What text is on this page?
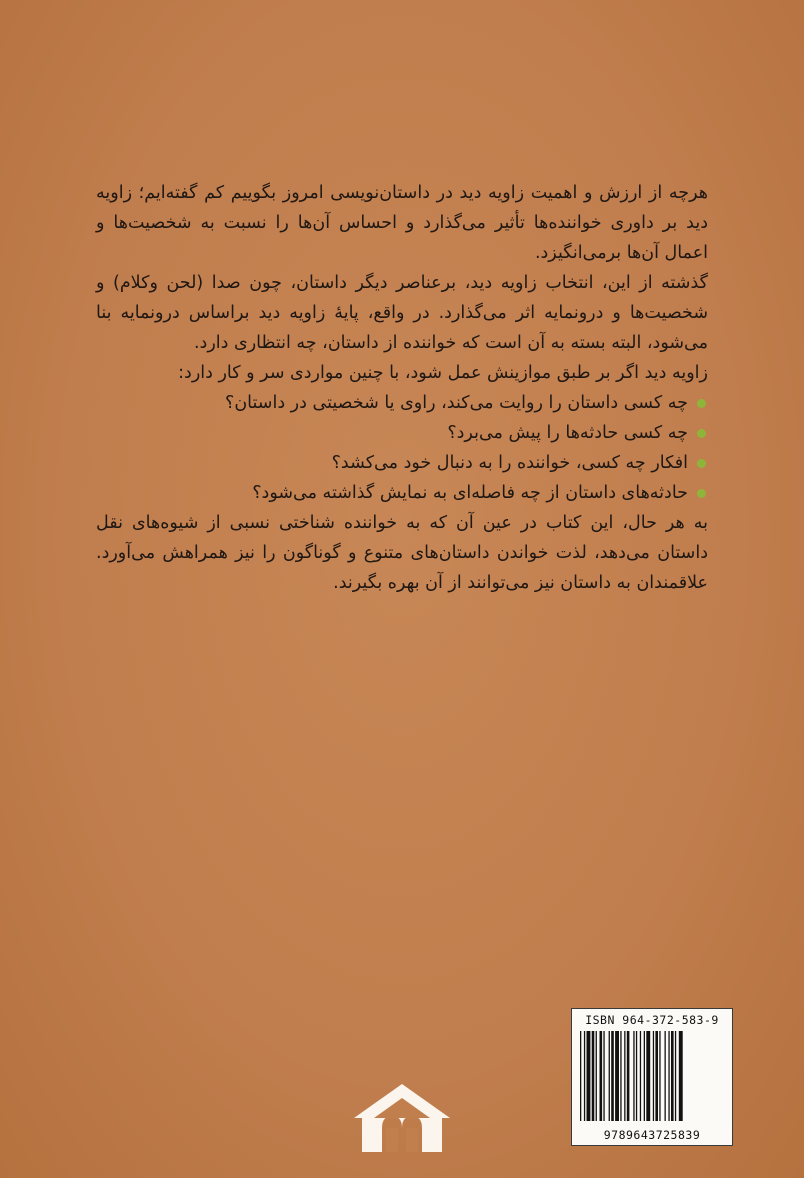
هرچه از ارزش و اهمیت زاویه دید در داستان‌نویسی امروز بگوییم کم گفته‌ایم؛ زاویه دید بر داوری خواننده‌ها تأثیر می‌گذارد و احساس آن‌ها را نسبت به شخصیت‌ها و اعمال آن‌ها برمی‌انگیزد.

گذشته از این، انتخاب زاویه دید، برعناصر دیگر داستان، چون صدا (لحن وکلام) و شخصیت‌ها و درونمایه اثر می‌گذارد. در واقع، پایهٔ زاویه دید براساس درونمایه بنا می‌شود، البته بسته به آن است که خواننده از داستان، چه انتظاری دارد.

زاویه دید اگر بر طبق موازینش عمل شود، با چنین مواردی سر و کار دارد:

چه کسی داستان را روایت می‌کند، راوی یا شخصیتی در داستان؟
چه کسی حادثه‌ها را پیش می‌برد؟
افکار چه کسی، خواننده را به دنبال خود می‌کشد؟
حادثه‌های داستان از چه فاصله‌ای به نمایش گذاشته می‌شود؟

به هر حال، این کتاب در عین آن که به خواننده شناختی نسبی از شیوه‌های نقل داستان می‌دهد، لذت خواندن داستان‌های متنوع و گوناگون را نیز همراهش می‌آورد. علاقمندان به داستان نیز می‌توانند از آن بهره بگیرند.

ISBN 964-372-583-9
9789643725839
